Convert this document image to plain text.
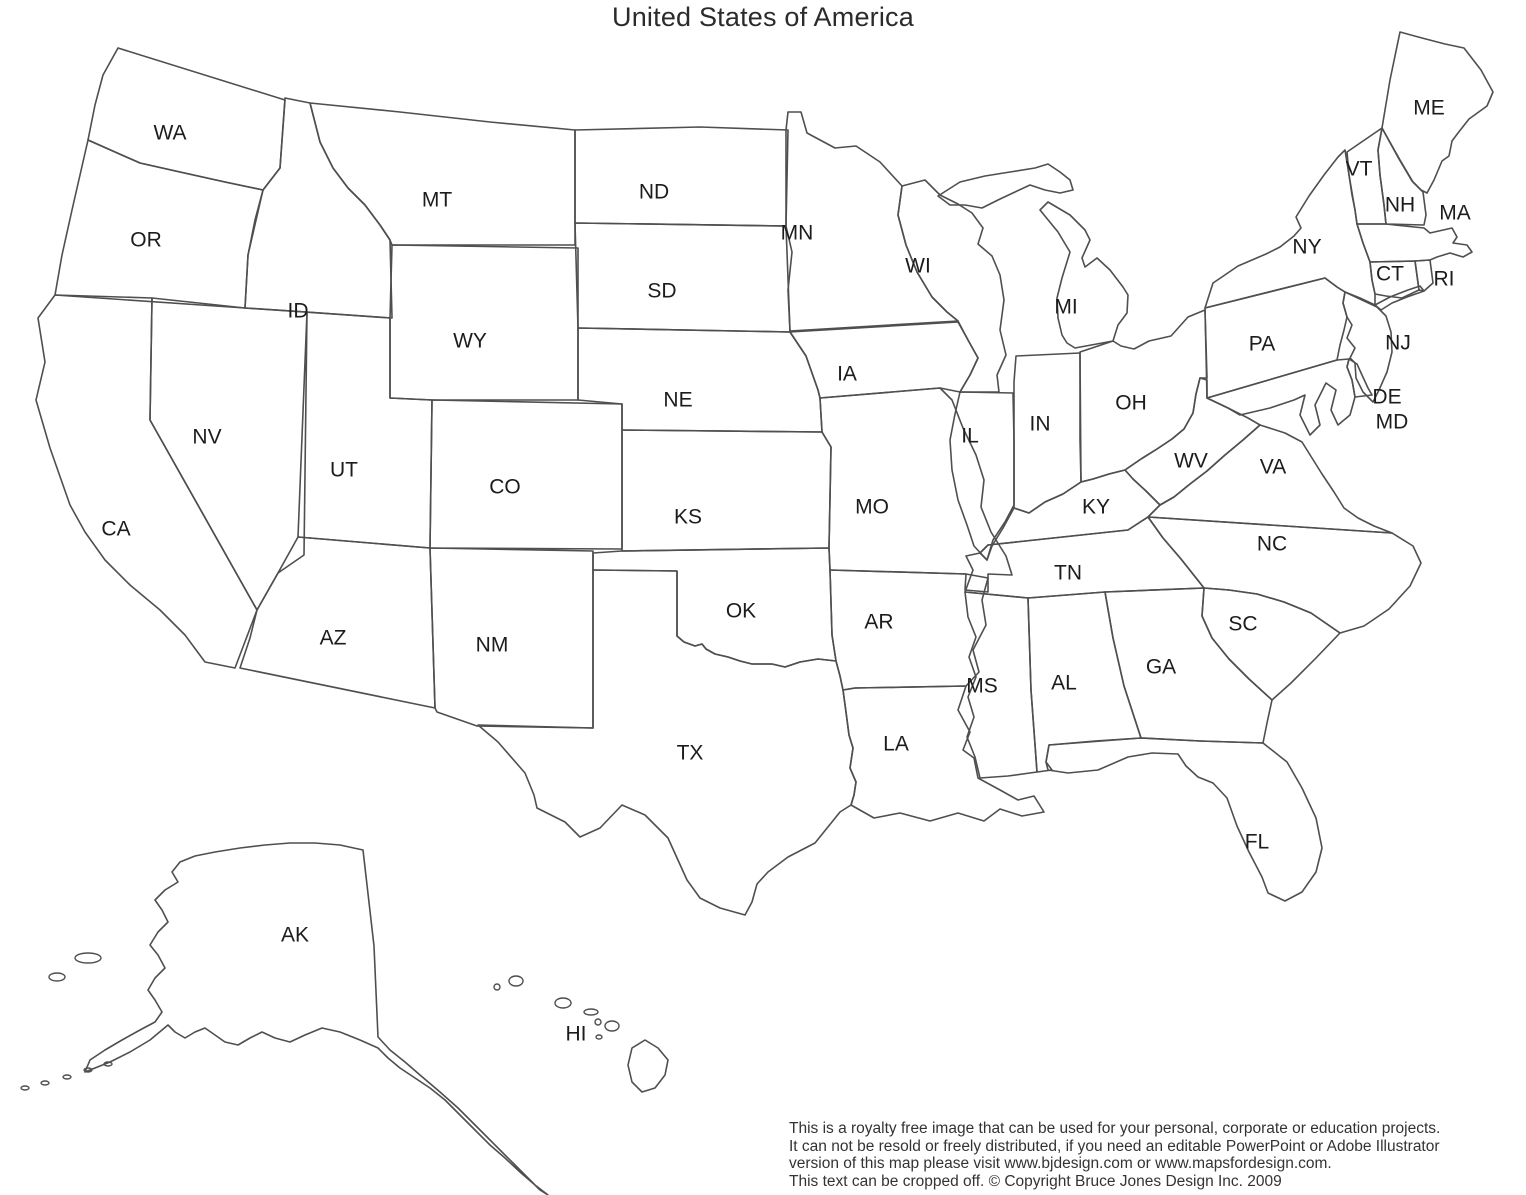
United States of America
WA
OR
CA
NV
ID
MT
WY
UT
CO
AZ	NM
ND
SD
NE
KS
OK
TX
MN
IA
MO
AR
LA
WI
IL
MI
IN
OH
KY
TN
MS	AL
GA
FL
SC
NC
VA
WV
PA
NY
NJ
DE
MD
ME
VT
NH MA
CT RI
AK
HI
This is a royalty free image that can be used for your personal, corporate or education projects.
It can not be resold or freely distributed, if you need an editable PowerPoint or Adobe Illustrator
version of this map please visit www.bjdesign.com or www.mapsfordesign.com.
This text can be cropped off. © Copyright Bruce Jones Design Inc. 2009
